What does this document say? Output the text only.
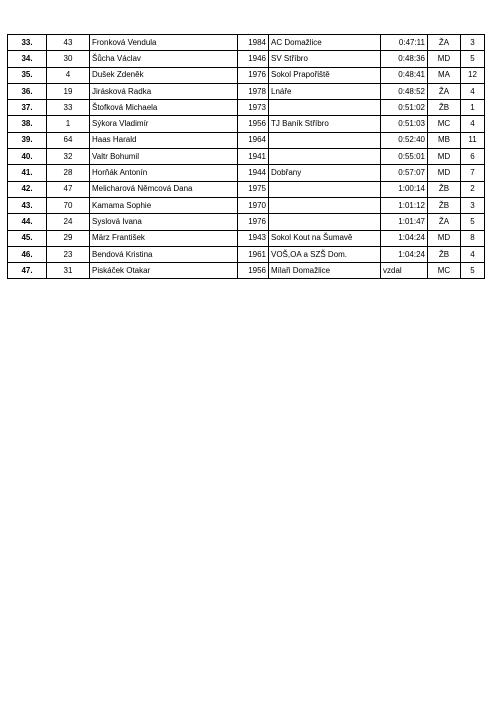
33.	43	Fronková Vendula	1984	AC Domažlice	0:47:11	ŽA	3
34.	30	Šůcha Václav	1946	SV Stříbro	0:48:36	MD	5
35.	4	Dušek Zdeněk	1976	Sokol Prapořiště	0:48:41	MA	12
36.	19	Jirásková Radka	1978	Lnáře	0:48:52	ŽA	4
37.	33	Štofková Michaela	1973		0:51:02	ŽB	1
38.	1	Sýkora Vladimír	1956	TJ Baník Stříbro	0:51:03	MC	4
39.	64	Haas Harald	1964		0:52:40	MB	11
40.	32	Valtr Bohumil	1941		0:55:01	MD	6
41.	28	Horňák Antonín	1944	Dobřany	0:57:07	MD	7
42.	47	Melicharová Němcová Dana	1975		1:00:14	ŽB	2
43.	70	Kamama Sophie	1970		1:01:12	ŽB	3
44.	24	Syslová Ivana	1976		1:01:47	ŽA	5
45.	29	März František	1943	Sokol Kout na Šumavě	1:04:24	MD	8
46.	23	Bendová Kristina	1961	VOŠ,OA a SZŠ Dom.	1:04:24	ŽB	4
47.	31	Piskáček Otakar	1956	Mílaři Domažlice	vzdal	MC	5
